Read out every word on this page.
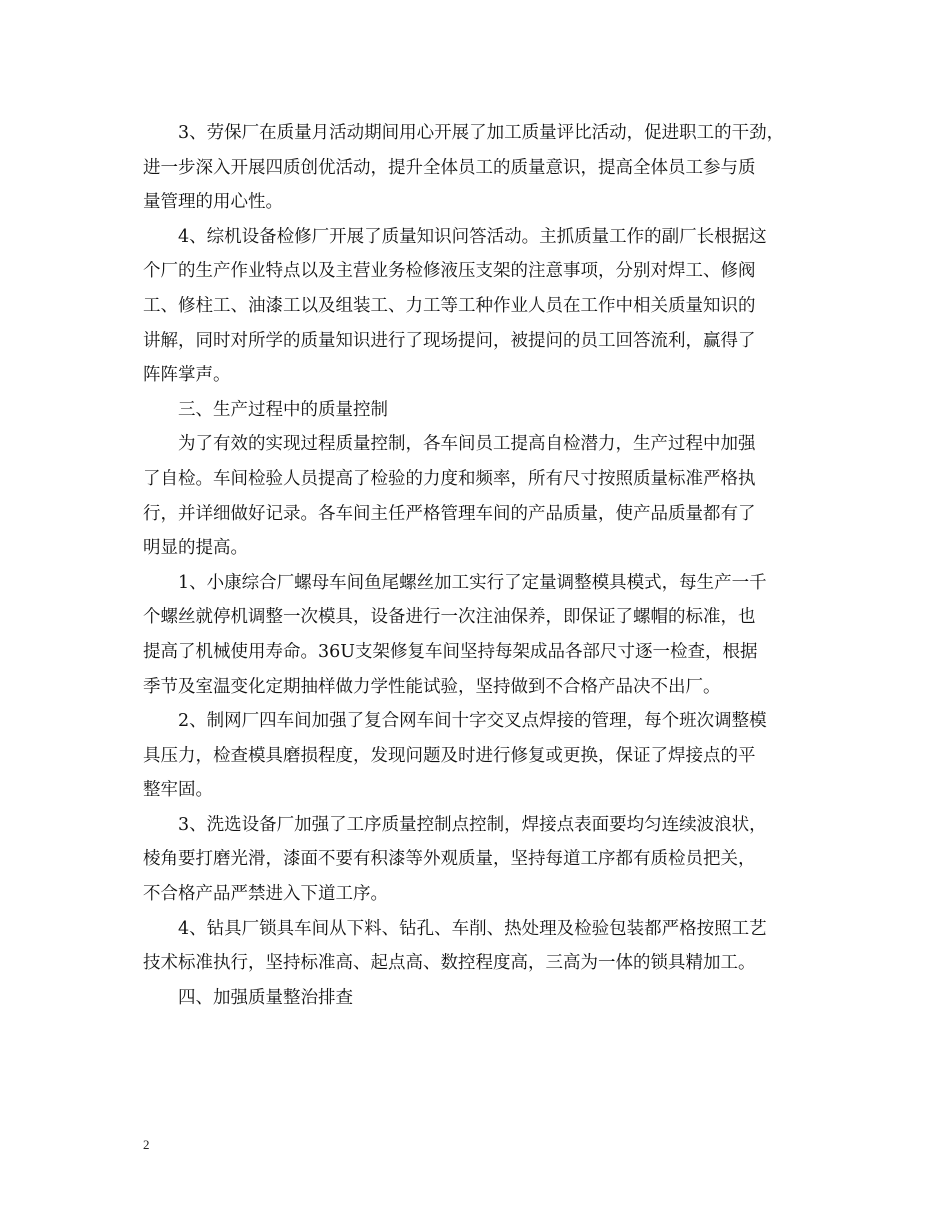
3、劳保厂在质量月活动期间用心开展了加工质量评比活动，促进职工的干劲，
进一步深入开展四质创优活动，提升全体员工的质量意识，提高全体员工参与质
量管理的用心性。

4、综机设备检修厂开展了质量知识问答活动。主抓质量工作的副厂长根据这
个厂的生产作业特点以及主营业务检修液压支架的注意事项，分别对焊工、修阀
工、修柱工、油漆工以及组装工、力工等工种作业人员在工作中相关质量知识的
讲解，同时对所学的质量知识进行了现场提问，被提问的员工回答流利，赢得了
阵阵掌声。

三、生产过程中的质量控制

为了有效的实现过程质量控制，各车间员工提高自检潜力，生产过程中加强
了自检。车间检验人员提高了检验的力度和频率，所有尺寸按照质量标准严格执
行，并详细做好记录。各车间主任严格管理车间的产品质量，使产品质量都有了
明显的提高。

1、小康综合厂螺母车间鱼尾螺丝加工实行了定量调整模具模式，每生产一千
个螺丝就停机调整一次模具，设备进行一次注油保养，即保证了螺帽的标准，也
提高了机械使用寿命。36U支架修复车间坚持每架成品各部尺寸逐一检查，根据
季节及室温变化定期抽样做力学性能试验，坚持做到不合格产品决不出厂。

2、制网厂四车间加强了复合网车间十字交叉点焊接的管理，每个班次调整模
具压力，检查模具磨损程度，发现问题及时进行修复或更换，保证了焊接点的平
整牢固。

3、洗选设备厂加强了工序质量控制点控制，焊接点表面要均匀连续波浪状，
棱角要打磨光滑，漆面不要有积漆等外观质量，坚持每道工序都有质检员把关，
不合格产品严禁进入下道工序。

4、钻具厂锁具车间从下料、钻孔、车削、热处理及检验包装都严格按照工艺
技术标准执行，坚持标准高、起点高、数控程度高，三高为一体的锁具精加工。

四、加强质量整治排查

2
